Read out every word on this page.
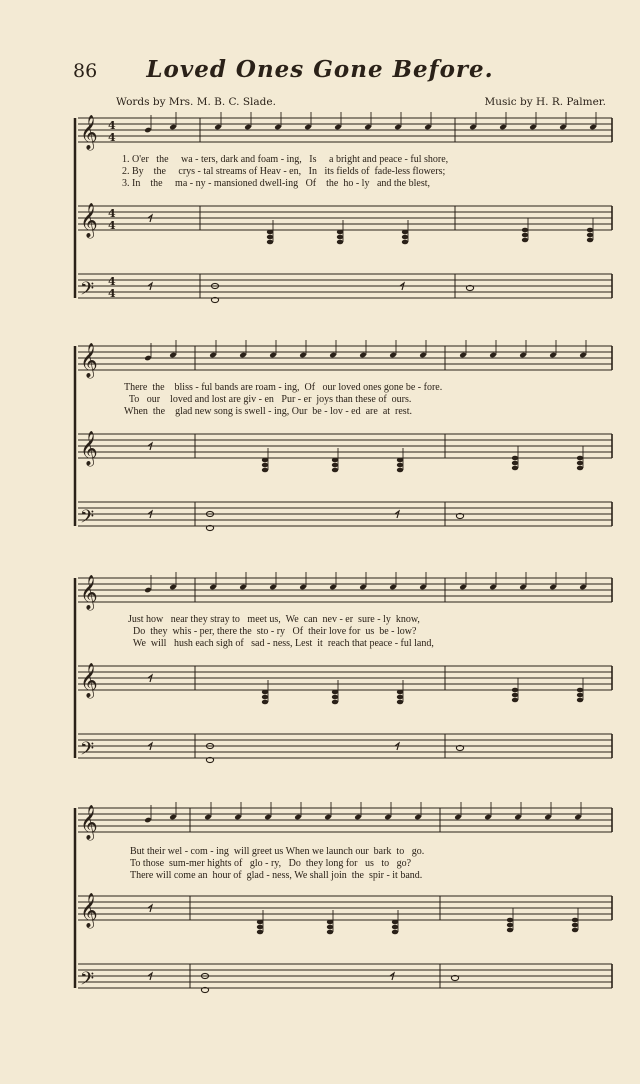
86	Loved Ones Gone Before.
Words by Mrs. M. B. C. Slade.	Music by H. R. Palmer.
𝄞 4
4
𝄞 4
4
𝄢 4
4
𝄞
𝄞
𝄢
𝄞
𝄞
𝄢
𝄞
𝄞
𝄢
1. O'er   the     wa - ters, dark and foam - ing,   Is     a bright and peace - ful shore,
2. By    the     crys - tal streams of Heav - en,   In   its fields of  fade-less flowers;
3. In    the     ma - ny - mansioned dwell-ing   Of    the  ho - ly   and the blest,
There  the    bliss - ful bands are roam - ing,  Of   our loved ones gone be - fore.
To   our    loved and lost are giv - en   Pur - er  joys than these of  ours.
When  the    glad new song is swell - ing, Our  be - lov - ed  are  at  rest.
Just how   near they stray to   meet us,  We  can  nev - er  sure - ly  know,
Do  they  whis - per, there the  sto - ry   Of  their love for  us  be - low?
We  will   hush each sigh of   sad - ness, Lest  it  reach that peace - ful land,
But their wel - com - ing  will greet us When we launch our  bark  to   go.
To those  sum-mer hights of   glo - ry,   Do  they long for   us   to   go?
There will come an  hour of  glad - ness, We shall join  the  spir - it band.
